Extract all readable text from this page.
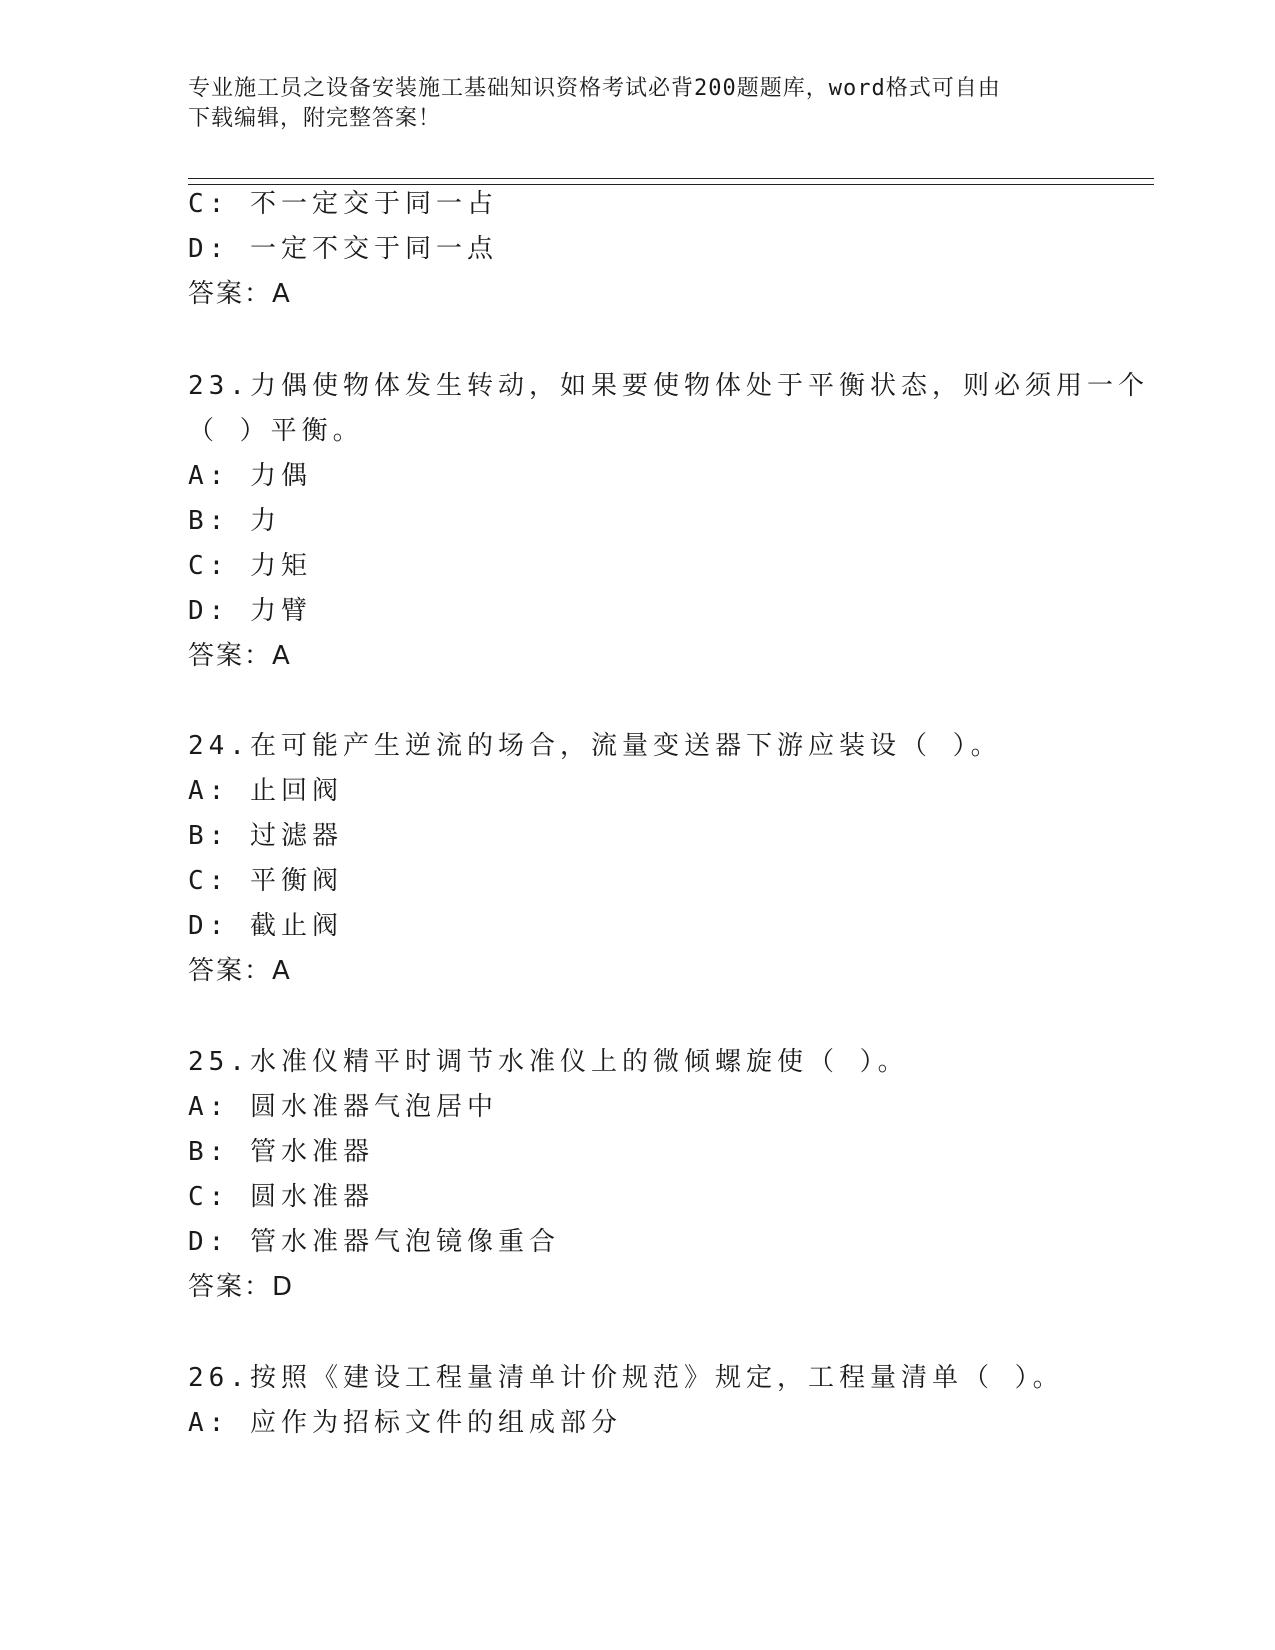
专业施工员之设备安装施工基础知识资格考试必背200题题库，word格式可自由
下载编辑，附完整答案！
C: 不一定交于同一占
D: 一定不交于同一点
答案：A
23.力偶使物体发生转动，如果要使物体处于平衡状态，则必须用一个
（ ）平衡。
A: 力偶
B: 力
C: 力矩
D: 力臂
答案：A
24.在可能产生逆流的场合，流量变送器下游应装设（ ）。
A: 止回阀
B: 过滤器
C: 平衡阀
D: 截止阀
答案：A
25.水准仪精平时调节水准仪上的微倾螺旋使（ ）。
A: 圆水准器气泡居中
B: 管水准器
C: 圆水准器
D: 管水准器气泡镜像重合
答案：D
26.按照《建设工程量清单计价规范》规定，工程量清单（ ）。
A: 应作为招标文件的组成部分
